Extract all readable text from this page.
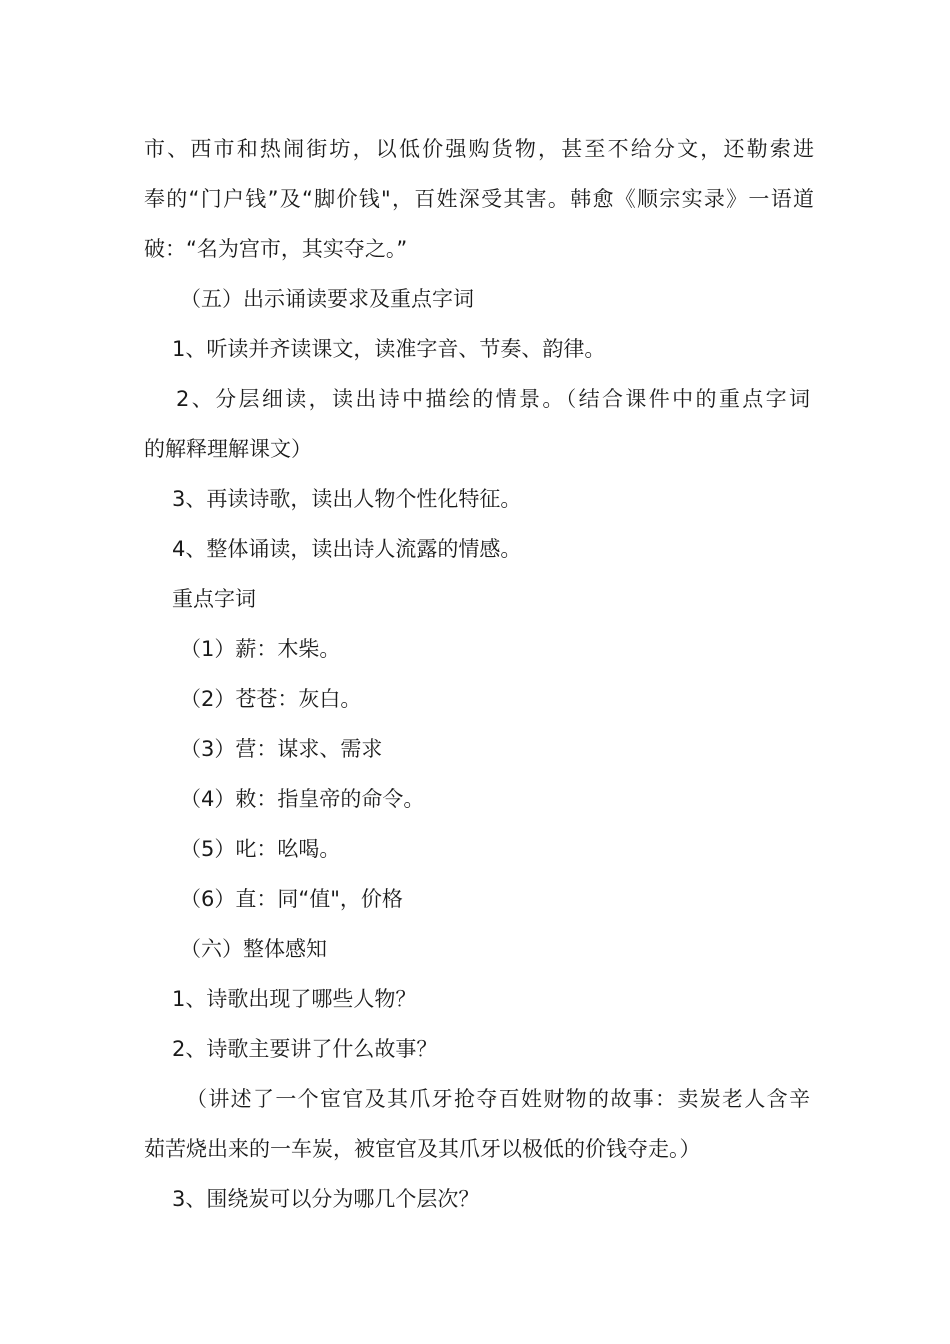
市、西市和热闹街坊，以低价强购货物，甚至不给分文，还勒索进
奉的“门户钱”及“脚价钱"，百姓深受其害。韩愈《顺宗实录》一语道
破：“名为宫市，其实夺之。”
（五）出示诵读要求及重点字词
1、听读并齐读课文，读准字音、节奏、韵律。
2、分层细读，读出诗中描绘的情景。（结合课件中的重点字词
的解释理解课文）
3、再读诗歌，读出人物个性化特征。
4、整体诵读，读出诗人流露的情感。
重点字词
（1）薪：木柴。
（2）苍苍：灰白。
（3）营：谋求、需求
（4）敕：指皇帝的命令。
（5）叱：吆喝。
（6）直：同“值"，价格
（六）整体感知
1、诗歌出现了哪些人物？
2、诗歌主要讲了什么故事？
（讲述了一个宦官及其爪牙抢夺百姓财物的故事：卖炭老人含辛
茹苦烧出来的一车炭，被宦官及其爪牙以极低的价钱夺走。）
3、围绕炭可以分为哪几个层次？
